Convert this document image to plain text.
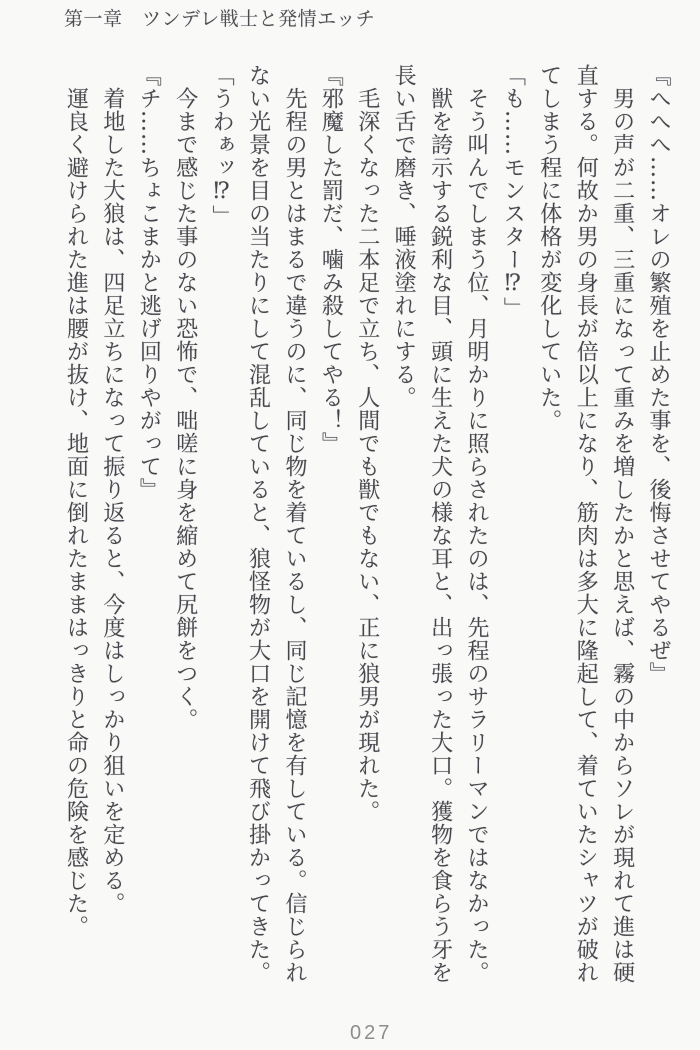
第一章　ツンデレ戦士と発情エッチ

『へへへ……オレの繁殖を止めた事を、後悔させてやるぜ』

男の声が二重、三重になって重みを増したかと思えば、霧の中からソレが現れて進は硬直する。何故か男の身長が倍以上になり、筋肉は多大に隆起して、着ていたシャツが破れてしまう程に体格が変化していた。

「も……モンスター⁉」

そう叫んでしまう位、月明かりに照らされたのは、先程のサラリーマンではなかった。

獣を誇示する鋭利な目、頭に生えた犬の様な耳と、出っ張った大口。獲物を食らう牙を長い舌で磨き、唾液塗れにする。

毛深くなった二本足で立ち、人間でも獣でもない、正に狼男が現れた。

『邪魔した罰だ、噛み殺してやる！』

先程の男とはまるで違うのに、同じ物を着ているし、同じ記憶を有している。信じられない光景を目の当たりにして混乱していると、狼怪物が大口を開けて飛び掛かってきた。

「うわぁッ⁉」

今まで感じた事のない恐怖で、咄嗟に身を縮めて尻餅をつく。

『チ……ちょこまかと逃げ回りやがって』

着地した大狼は、四足立ちになって振り返ると、今度はしっかり狙いを定める。

運良く避けられた進は腰が抜け、地面に倒れたままはっきりと命の危険を感じた。

027
